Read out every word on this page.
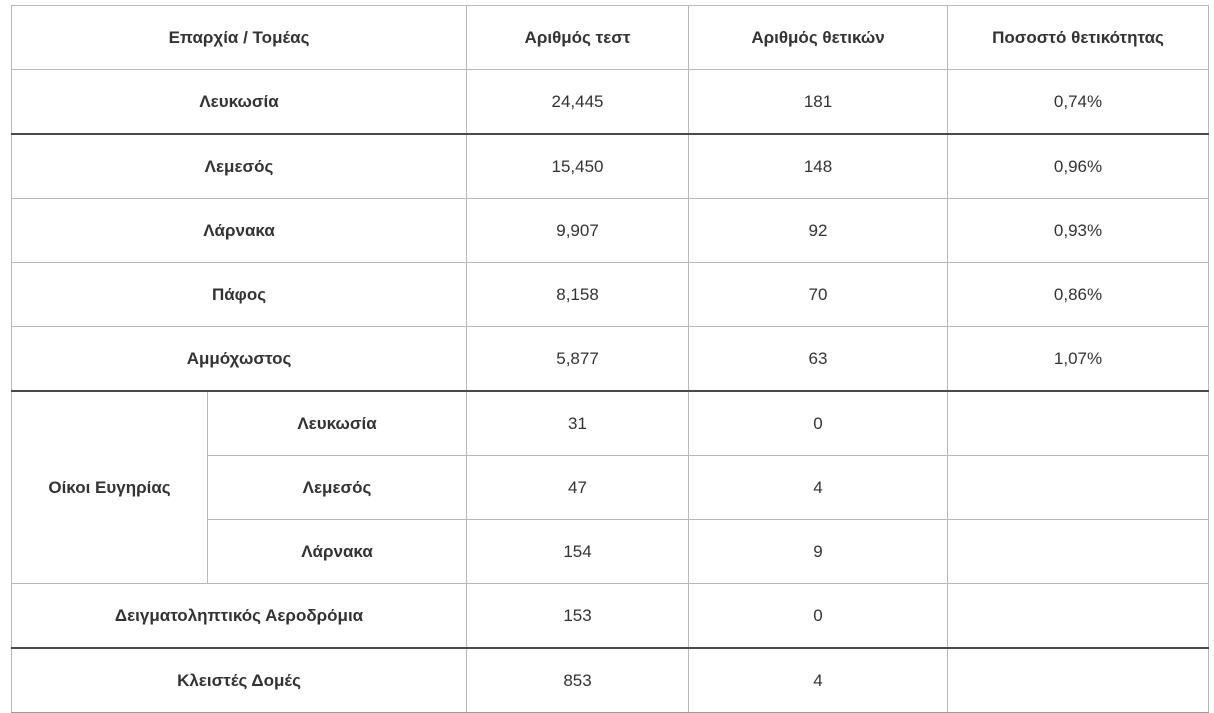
Επαρχία / Τομέας		Αριθμός τεστ	Αριθμός θετικών	Ποσοστό θετικότητας
Λευκωσία		24,445	181	0,74%
Λεμεσός		15,450	148	0,96%
Λάρνακα		9,907	92	0,93%
Πάφος		8,158	70	0,86%
Αμμόχωστος		5,877	63	1,07%
Οίκοι Ευγηρίας	Λευκωσία	31	0	
	Λεμεσός	47	4	
	Λάρνακα	154	9	
Δειγματοληπτικός Αεροδρόμια		153	0	
Κλειστές Δομές		853	4	
